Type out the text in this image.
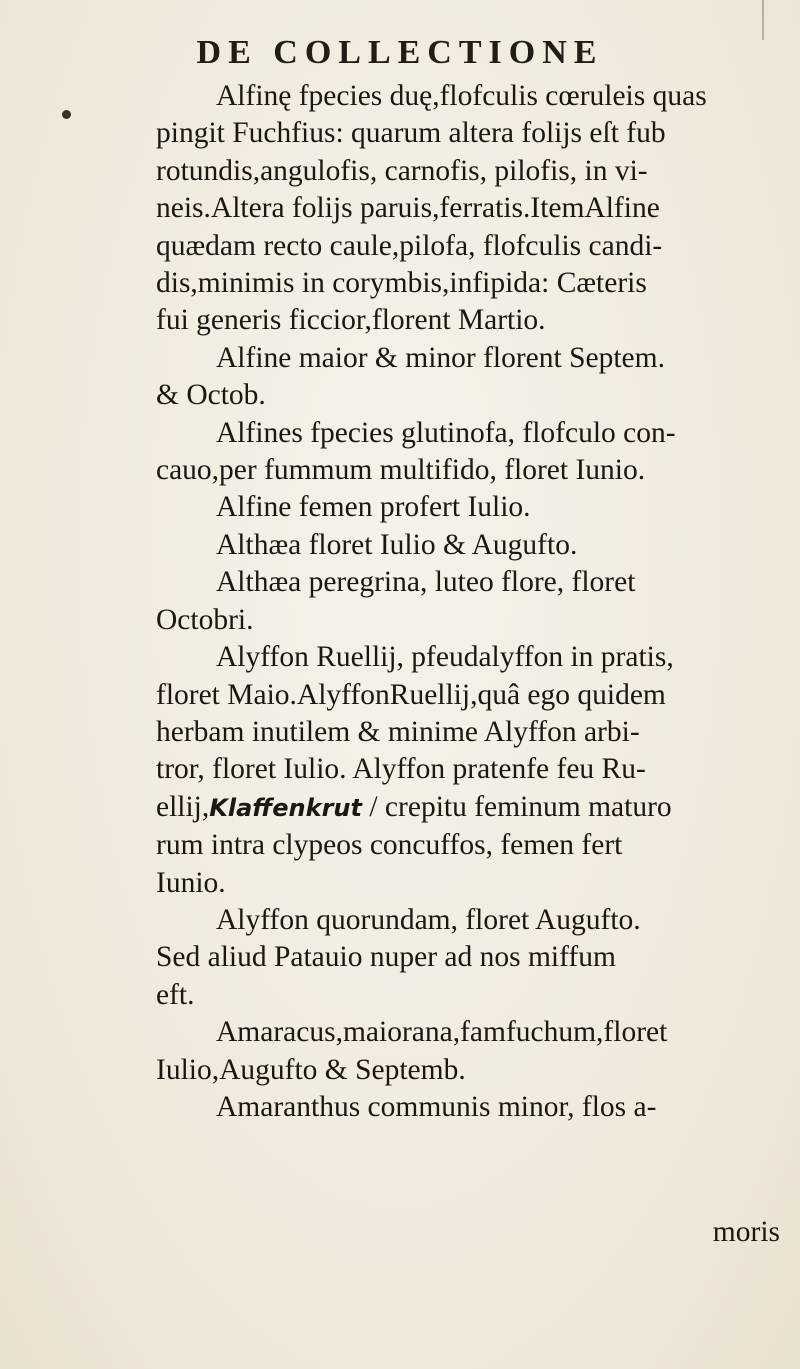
DE COLLECTIONE
Alfinę fpecies duę,flofculis cœruleis quas
pingit Fuchfius: quarum altera folijs eſt fub
rotundis,angulofis, carnofis, pilofis, in vi-
neis.Altera folijs paruis,ferratis.ItemAlfine
quædam recto caule,pilofa, flofculis candi-
dis,minimis in corymbis,infipida: Cæteris
fui generis ficcior,florent Martio.
Alfine maior & minor florent Septem.
& Octob.
Alfines fpecies glutinofa, flofculo con-
cauo,per fummum multifido, floret Iunio.
Alfine femen profert Iulio.
Althæa floret Iulio & Augufto.
Althæa peregrina, luteo flore, floret
Octobri.
Alyffon Ruellij, pfeudalyffon in pratis,
floret Maio.AlyffonRuellij,quâ ego quidem
herbam inutilem & minime Alyffon arbi-
tror, floret Iulio. Alyffon pratenfe feu Ru-
ellij,Klaffenkrut / crepitu feminum maturo
rum intra clypeos concuffos, femen fert
Iunio.
Alyffon quorundam, floret Augufto.
Sed aliud Patauio nuper ad nos miffum
eft.
Amaracus,maiorana,famfuchum,floret
Iulio,Augufto & Septemb.
Amaranthus communis minor, flos a-
moris
